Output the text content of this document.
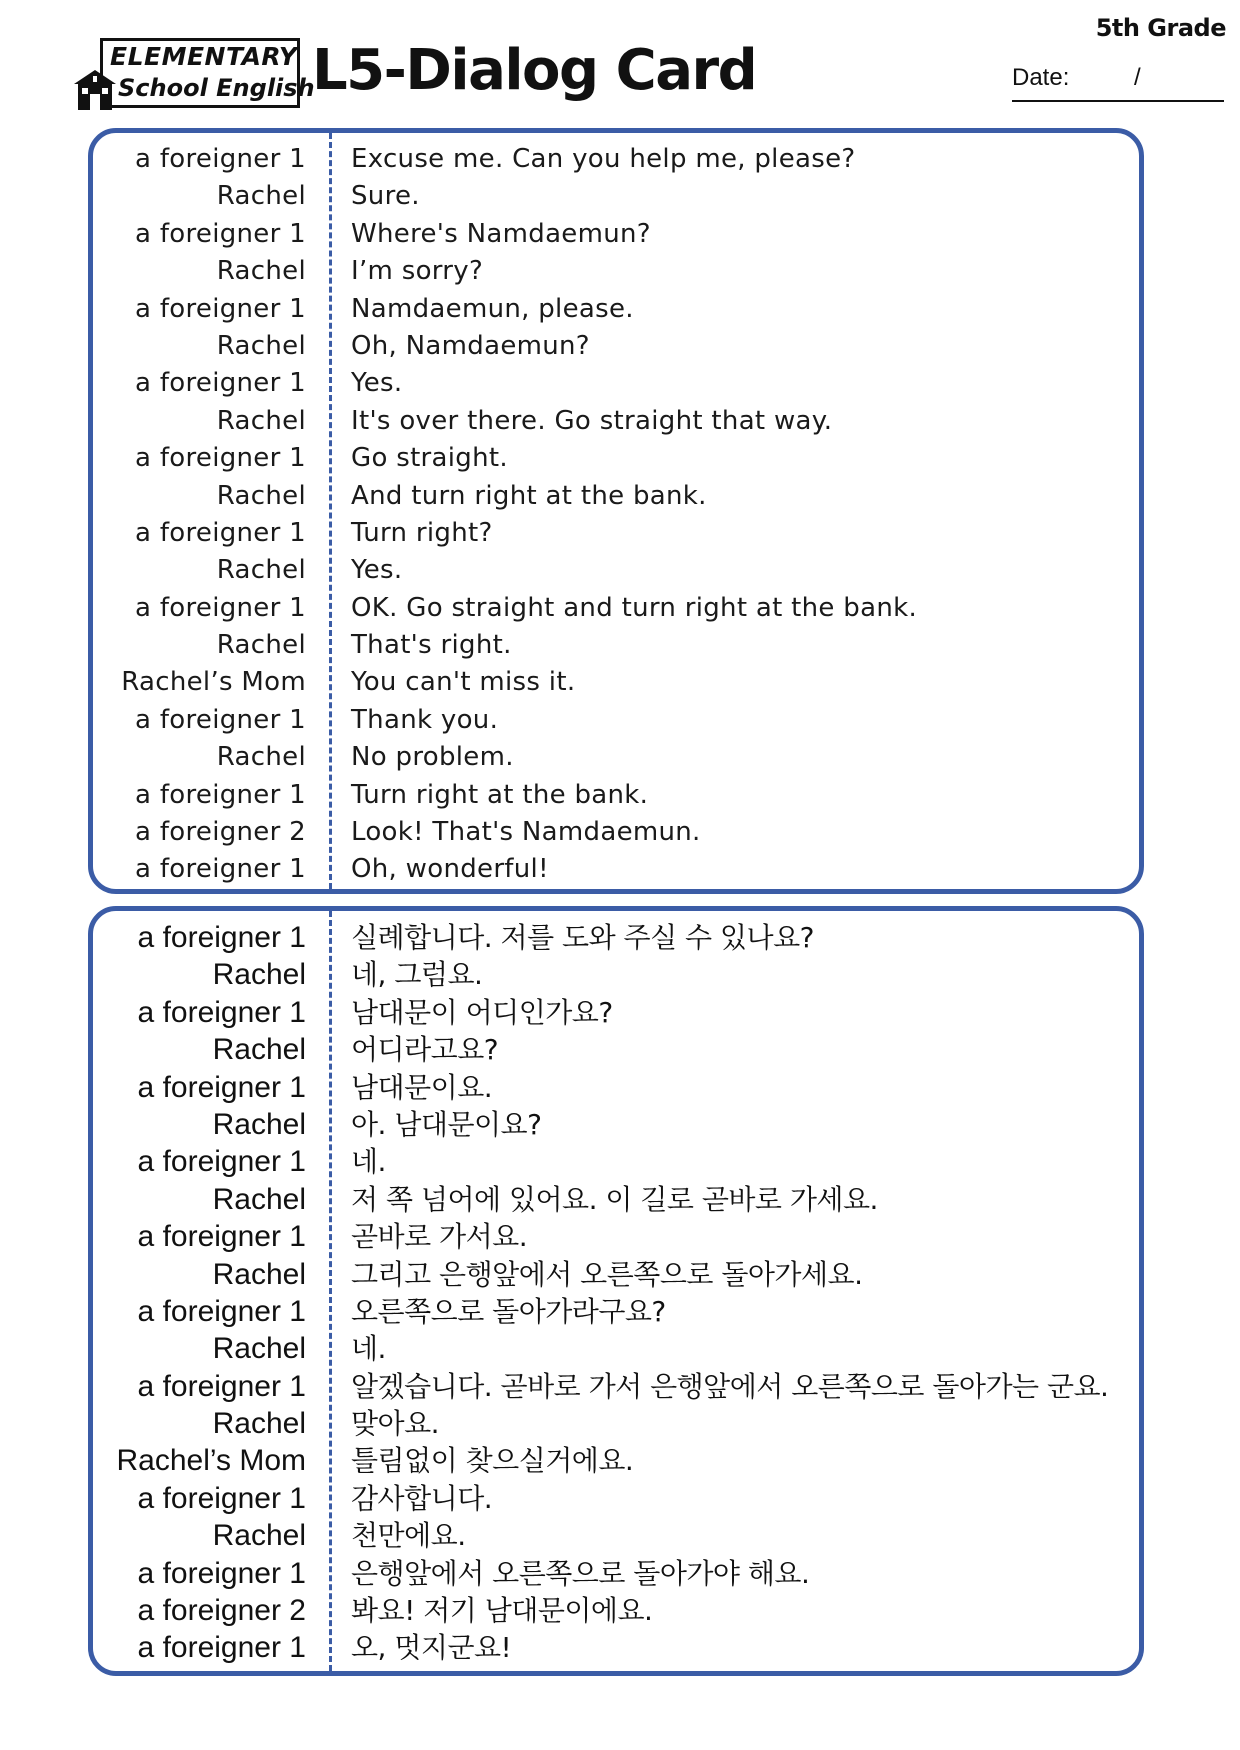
5th Grade
ELEMENTARY
School English
L5-Dialog Card	Date:	/
a foreigner 1 Excuse me. Can you help me, please?
Rachel Sure.
a foreigner 1 Where's Namdaemun?
Rachel I’m sorry?
a foreigner 1 Namdaemun, please.
Rachel Oh, Namdaemun?
a foreigner 1 Yes.
Rachel It's over there. Go straight that way.
a foreigner 1 Go straight.
Rachel And turn right at the bank.
a foreigner 1 Turn right?
Rachel Yes.
a foreigner 1 OK. Go straight and turn right at the bank.
Rachel That's right.
Rachel’s Mom You can't miss it.
a foreigner 1 Thank you.
Rachel No problem.
a foreigner 1 Turn right at the bank.
a foreigner 2 Look! That's Namdaemun.
a foreigner 1 Oh, wonderful!
a foreigner 1 실례합니다. 저를 도와 주실 수 있나요?
Rachel 네, 그럼요.
a foreigner 1 남대문이 어디인가요?
Rachel 어디라고요?
a foreigner 1 남대문이요.
Rachel 아. 남대문이요?
a foreigner 1 네.
Rachel 저 쪽 넘어에 있어요. 이 길로 곧바로 가세요.
a foreigner 1 곧바로 가서요.
Rachel 그리고 은행앞에서 오른쪽으로 돌아가세요.
a foreigner 1 오른쪽으로 돌아가라구요?
Rachel 네.
a foreigner 1 알겠습니다. 곧바로 가서 은행앞에서 오른쪽으로 돌아가는 군요.
Rachel 맞아요.
Rachel’s Mom 틀림없이 찾으실거에요.
a foreigner 1 감사합니다.
Rachel 천만에요.
a foreigner 1 은행앞에서 오른쪽으로 돌아가야 해요.
a foreigner 2 봐요! 저기 남대문이에요.
a foreigner 1 오, 멋지군요!
